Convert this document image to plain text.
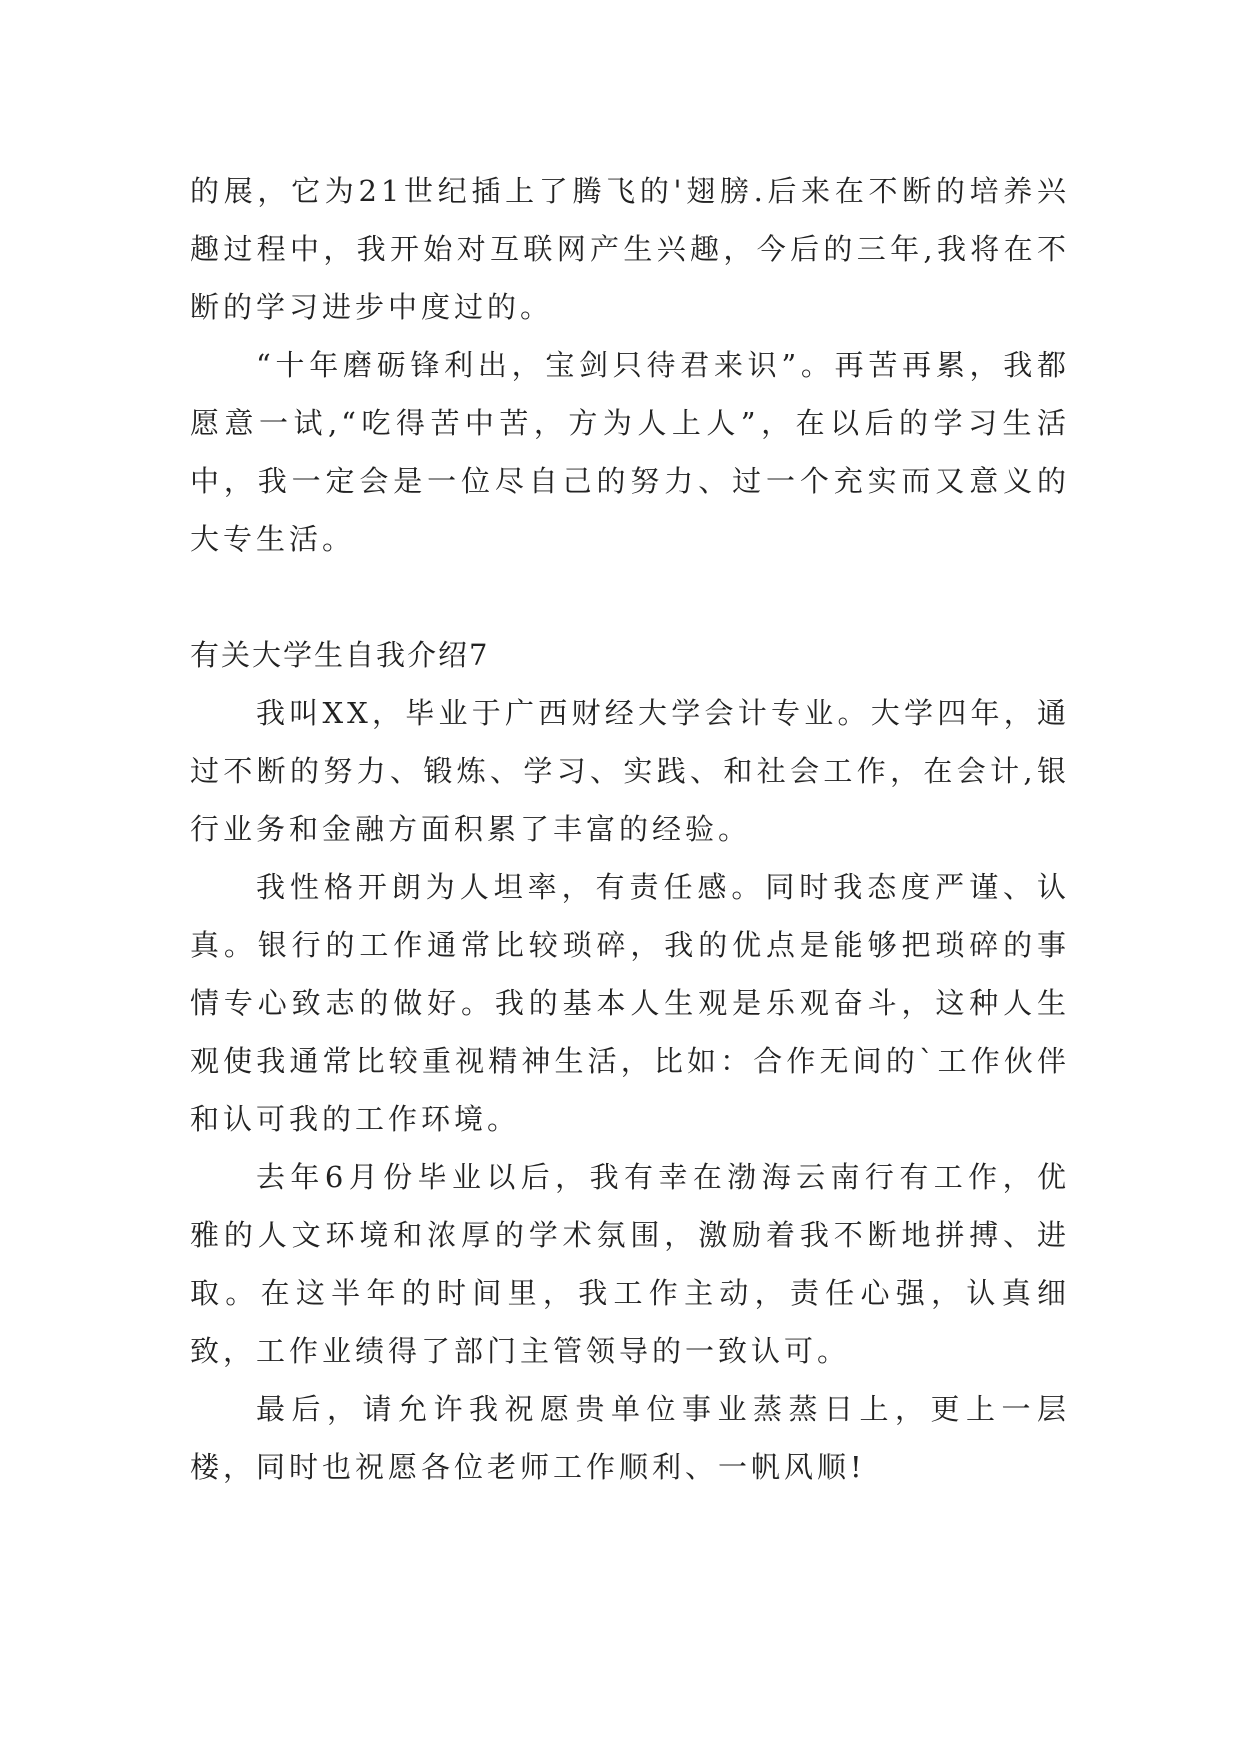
的展，它为21世纪插上了腾飞的'翅膀.后来在不断的培养兴趣过程中，我开始对互联网产生兴趣，今后的三年,我将在不断的学习进步中度过的。

“十年磨砺锋利出，宝剑只待君来识”。再苦再累，我都愿意一试,“吃得苦中苦，方为人上人”，在以后的学习生活中，我一定会是一位尽自己的努力、过一个充实而又意义的大专生活。

有关大学生自我介绍7

我叫XX，毕业于广西财经大学会计专业。大学四年，通过不断的努力、锻炼、学习、实践、和社会工作，在会计,银行业务和金融方面积累了丰富的经验。

我性格开朗为人坦率，有责任感。同时我态度严谨、认真。银行的工作通常比较琐碎，我的优点是能够把琐碎的事情专心致志的做好。我的基本人生观是乐观奋斗，这种人生观使我通常比较重视精神生活，比如：合作无间的`工作伙伴和认可我的工作环境。

去年6月份毕业以后，我有幸在渤海云南行有工作，优雅的人文环境和浓厚的学术氛围，激励着我不断地拼搏、进取。在这半年的时间里，我工作主动，责任心强，认真细致，工作业绩得了部门主管领导的一致认可。

最后，请允许我祝愿贵单位事业蒸蒸日上，更上一层楼，同时也祝愿各位老师工作顺利、一帆风顺!
